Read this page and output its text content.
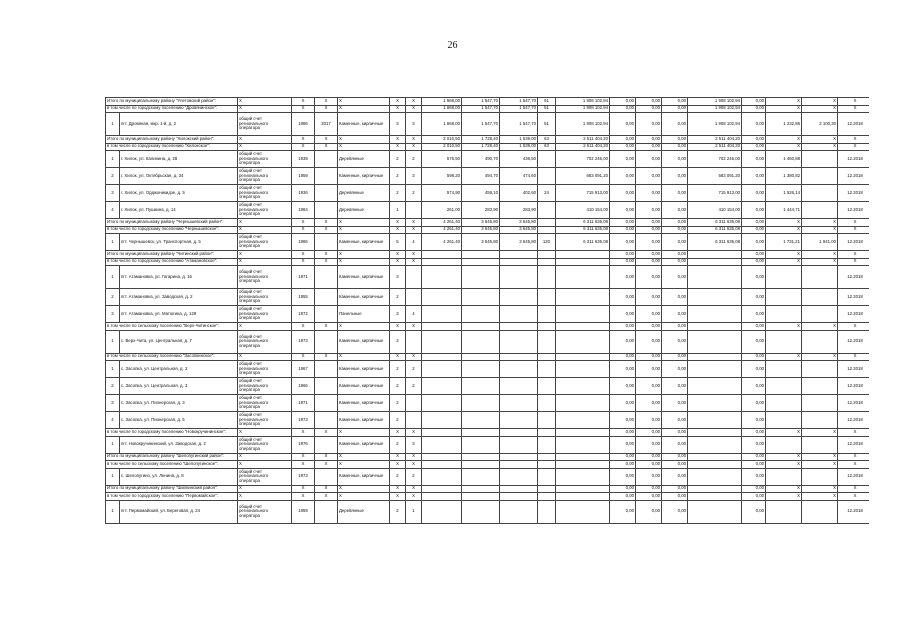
26
Итого по муниципальному району "Улетовский район":		X	X	X	X	X	X	1 668,00	1 547,70	1 547,70	51	1 908 102,94	0,00	0,00	0,00	1 908 102,94	0,00	X	X	X
в том числе по городскому поселению "Дровянинское":		X	X	X	X	X	X	1 668,00	1 547,70	1 547,70	51	1 908 102,94	0,00	0,00	0,00	1 908 102,94	0,00	X	X	X
1	пгт. Дровяная, мкр. 1-й, д. 2	общий счет регионального оператора	1986	2017	Каменные, кирпичные	3	3	1 668,00	1 547,70	1 547,70	51	1 908 102,94	0,00	0,00	0,00	1 908 102,94	0,00	1 232,86	2 100,30	12.2018
Итого по муниципальному району "Хилокский район":		X	X	X	X	X	X	2 010,50	1 728,40	1 539,00	63	2 511 404,20	0,00	0,00	0,00	2 511 404,20	0,00	X	X	X
в том числе по городскому поселению "Хилокское":		X	X	X	X	X	X	2 010,50	1 728,40	1 539,00	63	2 511 404,20	0,00	0,00	0,00	2 511 404,20	0,00	X	X	X
1	г. Хилок, ул. Калинина, д. 28	общий счет регионального оператора	1939		Деревянные	2	2	576,50	490,70	436,50		702 246,00	0,00	0,00	0,00	702 246,00	0,00	1 460,88		12.2018
2	г. Хилок, ул. Октябрьская, д. 34	общий счет регионального оператора	1959		Каменные, кирпичные	2	3	598,20	494,70	474,60		683 091,20	0,00	0,00	0,00	683 091,20	0,00	1 380,82		12.2018
3	г. Хилок, ул. Орджоникидзе, д. 5	общий счет регионального оператора	1936		Деревянные	2	2	574,90	459,10	402,60	24	715 913,00	0,00	0,00	0,00	715 913,00	0,00	1 526,14		12.2018
4	г. Хилок, ул. Пушкина, д. 14	общий счет регионального оператора	1984		Деревянные	1		261,00	283,90	283,90		410 154,00	0,00	0,00	0,00	410 154,00	0,00	1 444,71		12.2018
Итого по муниципальному району "Чернышевский район":		X	X	X	X	X	X	4 261,40	3 645,80	3 645,80		6 311 635,08	0,00	0,00	0,00	6 311 635,08	0,00	X	X	X
в том числе по городскому поселению "Чернышевское":		X	X	X	X	X	X	4 261,40	3 645,80	3 645,80		6 311 635,08	0,00	0,00	0,00	6 311 635,08	0,00	X	X	X
1	пгт. Чернышевск, ул. Транспортная, д. 5	общий счет регионального оператора	1986		Каменные, кирпичные	5	4	4 261,40	3 645,80	3 645,80	120	6 311 635,08	0,00	0,00	0,00	6 311 635,08	0,00	1 731,21	1 941,00	12.2018
Итого по муниципальному району "Читинский район":		X	X	X	X	X	X						0,00	0,00	0,00		0,00	X	X	X
в том числе по городскому поселению "Атамановское":		X	X	X	X	X	X						0,00	0,00	0,00		0,00	X	X	X
1	пгт. Атамановка, ул. Гагарина, д. 16	общий счет регионального оператора	1971		Каменные, кирпичные	3							0,00	0,00	0,00		0,00			12.2018
2	пгт. Атамановка, ул. Заводская, д. 2	общий счет регионального оператора	1955		Каменные, кирпичные	2							0,00	0,00	0,00		0,00			12.2018
3	пгт. Атамановка, ул. Матюгина, д. 129	общий счет регионального оператора	1972		Панельные	3	4						0,00	0,00	0,00		0,00			12.2018
в том числе по сельскому поселению "Верх-Читинское":		X	X	X	X	X	X						0,00	0,00	0,00		0,00	X	X	X
1	с. Верх-Чита, ул. Центральная, д. 7	общий счет регионального оператора	1973		Каменные, кирпичные	2							0,00	0,00	0,00		0,00			12.2018
в том числе по сельскому поселению "Засопкинское":		X	X	X	X	X	X						0,00	0,00	0,00		0,00	X	X	X
1	с. Засопка, ул. Центральная, д. 2	общий счет регионального оператора	1967		Каменные, кирпичные	2	2						0,00	0,00	0,00		0,00			12.2018
2	с. Засопка, ул. Центральная, д. 3	общий счет регионального оператора	1966		Каменные, кирпичные	2	2						0,00	0,00	0,00		0,00			12.2018
3	с. Засопка, ул. Пионерская, д. 3	общий счет регионального оператора	1971		Каменные, кирпичные	2							0,00	0,00	0,00		0,00			12.2018
4	с. Засопка, ул. Пионерская, д. 5	общий счет регионального оператора	1973		Каменные, кирпичные	2							0,00	0,00	0,00		0,00			12.2018
в том числе по городскому поселению "Новокручининское":		X	X	X	X	X	X						0,00	0,00	0,00		0,00	X	X	X
1	пгт. Новокручининский, ул. Заводская, д. 2	общий счет регионального оператора	1976		Каменные, кирпичные	2	3						0,00	0,00	0,00		0,00			12.2018
Итого по муниципальному району "Шелопугинский район":		X	X	X	X	X	X						0,00	0,00	0,00		0,00	X	X	X
в том числе по сельскому поселению "Шелопугинское":		X	X	X	X	X	X						0,00	0,00	0,00		0,00	X	X	X
1	с. Шелопугино, ул. Ленина, д. 8	общий счет регионального оператора	1973		Каменные, кирпичные	2	2						0,00	0,00	0,00		0,00			12.2018
Итого по муниципальному району "Шилкинский район":		X	X	X	X	X	X						0,00	0,00	0,00		0,00	X	X	X
в том числе по городскому поселению "Первомайское":		X	X	X	X	X	X						0,00	0,00	0,00		0,00	X	X	X
1	пгт. Первомайский, ул. Береговая, д. 24	общий счет регионального оператора	1959		Деревянные	2	1						0,00	0,00	0,00		0,00			12.2018
